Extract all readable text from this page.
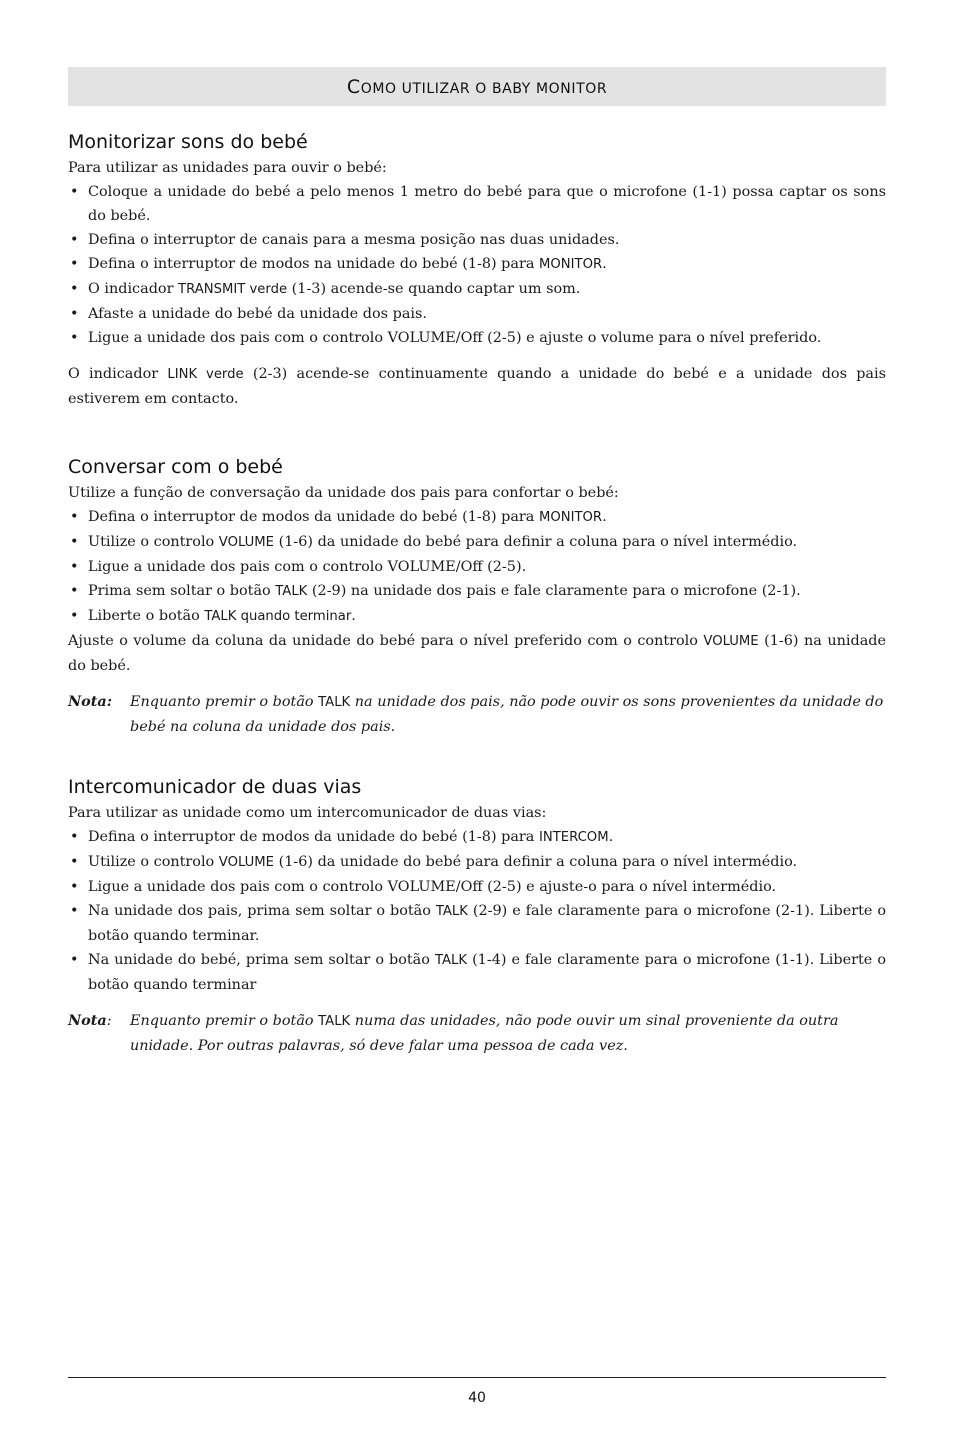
COMO UTILIZAR O BABY MONITOR
Monitorizar sons do bebé

Para utilizar as unidades para ouvir o bebé:

• Coloque a unidade do bebé a pelo menos 1 metro do bebé para que o microfone (1-1) possa captar os sons do bebé.
• Defina o interruptor de canais para a mesma posição nas duas unidades.
• Defina o interruptor de modos na unidade do bebé (1-8) para MONITOR.
• O indicador TRANSMIT verde (1-3) acende-se quando captar um som.
• Afaste a unidade do bebé da unidade dos pais.
• Ligue a unidade dos pais com o controlo VOLUME/Off (2-5) e ajuste o volume para o nível preferido.

O indicador LINK verde (2-3) acende-se continuamente quando a unidade do bebé e a unidade dos pais estiverem em contacto.

Conversar com o bebé

Utilize a função de conversação da unidade dos pais para confortar o bebé:

• Defina o interruptor de modos da unidade do bebé (1-8) para MONITOR.
• Utilize o controlo VOLUME (1-6) da unidade do bebé para definir a coluna para o nível intermédio.
• Ligue a unidade dos pais com o controlo VOLUME/Off (2-5).
• Prima sem soltar o botão TALK (2-9) na unidade dos pais e fale claramente para o microfone (2-1).
• Liberte o botão TALK quando terminar.

Ajuste o volume da coluna da unidade do bebé para o nível preferido com o controlo VOLUME (1-6) na unidade do bebé.

Nota: Enquanto premir o botão TALK na unidade dos pais, não pode ouvir os sons provenientes da unidade do bebé na coluna da unidade dos pais.
Intercomunicador de duas vias

Para utilizar as unidade como um intercomunicador de duas vias:

• Defina o interruptor de modos da unidade do bebé (1-8) para INTERCOM.
• Utilize o controlo VOLUME (1-6) da unidade do bebé para definir a coluna para o nível intermédio.
• Ligue a unidade dos pais com o controlo VOLUME/Off (2-5) e ajuste-o para o nível intermédio.
• Na unidade dos pais, prima sem soltar o botão TALK (2-9) e fale claramente para o microfone (2-1). Liberte o botão quando terminar.
• Na unidade do bebé, prima sem soltar o botão TALK (1-4) e fale claramente para o microfone (1-1). Liberte o botão quando terminar
Nota: Enquanto premir o botão TALK numa das unidades, não pode ouvir um sinal proveniente da outra unidade. Por outras palavras, só deve falar uma pessoa de cada vez.
40
